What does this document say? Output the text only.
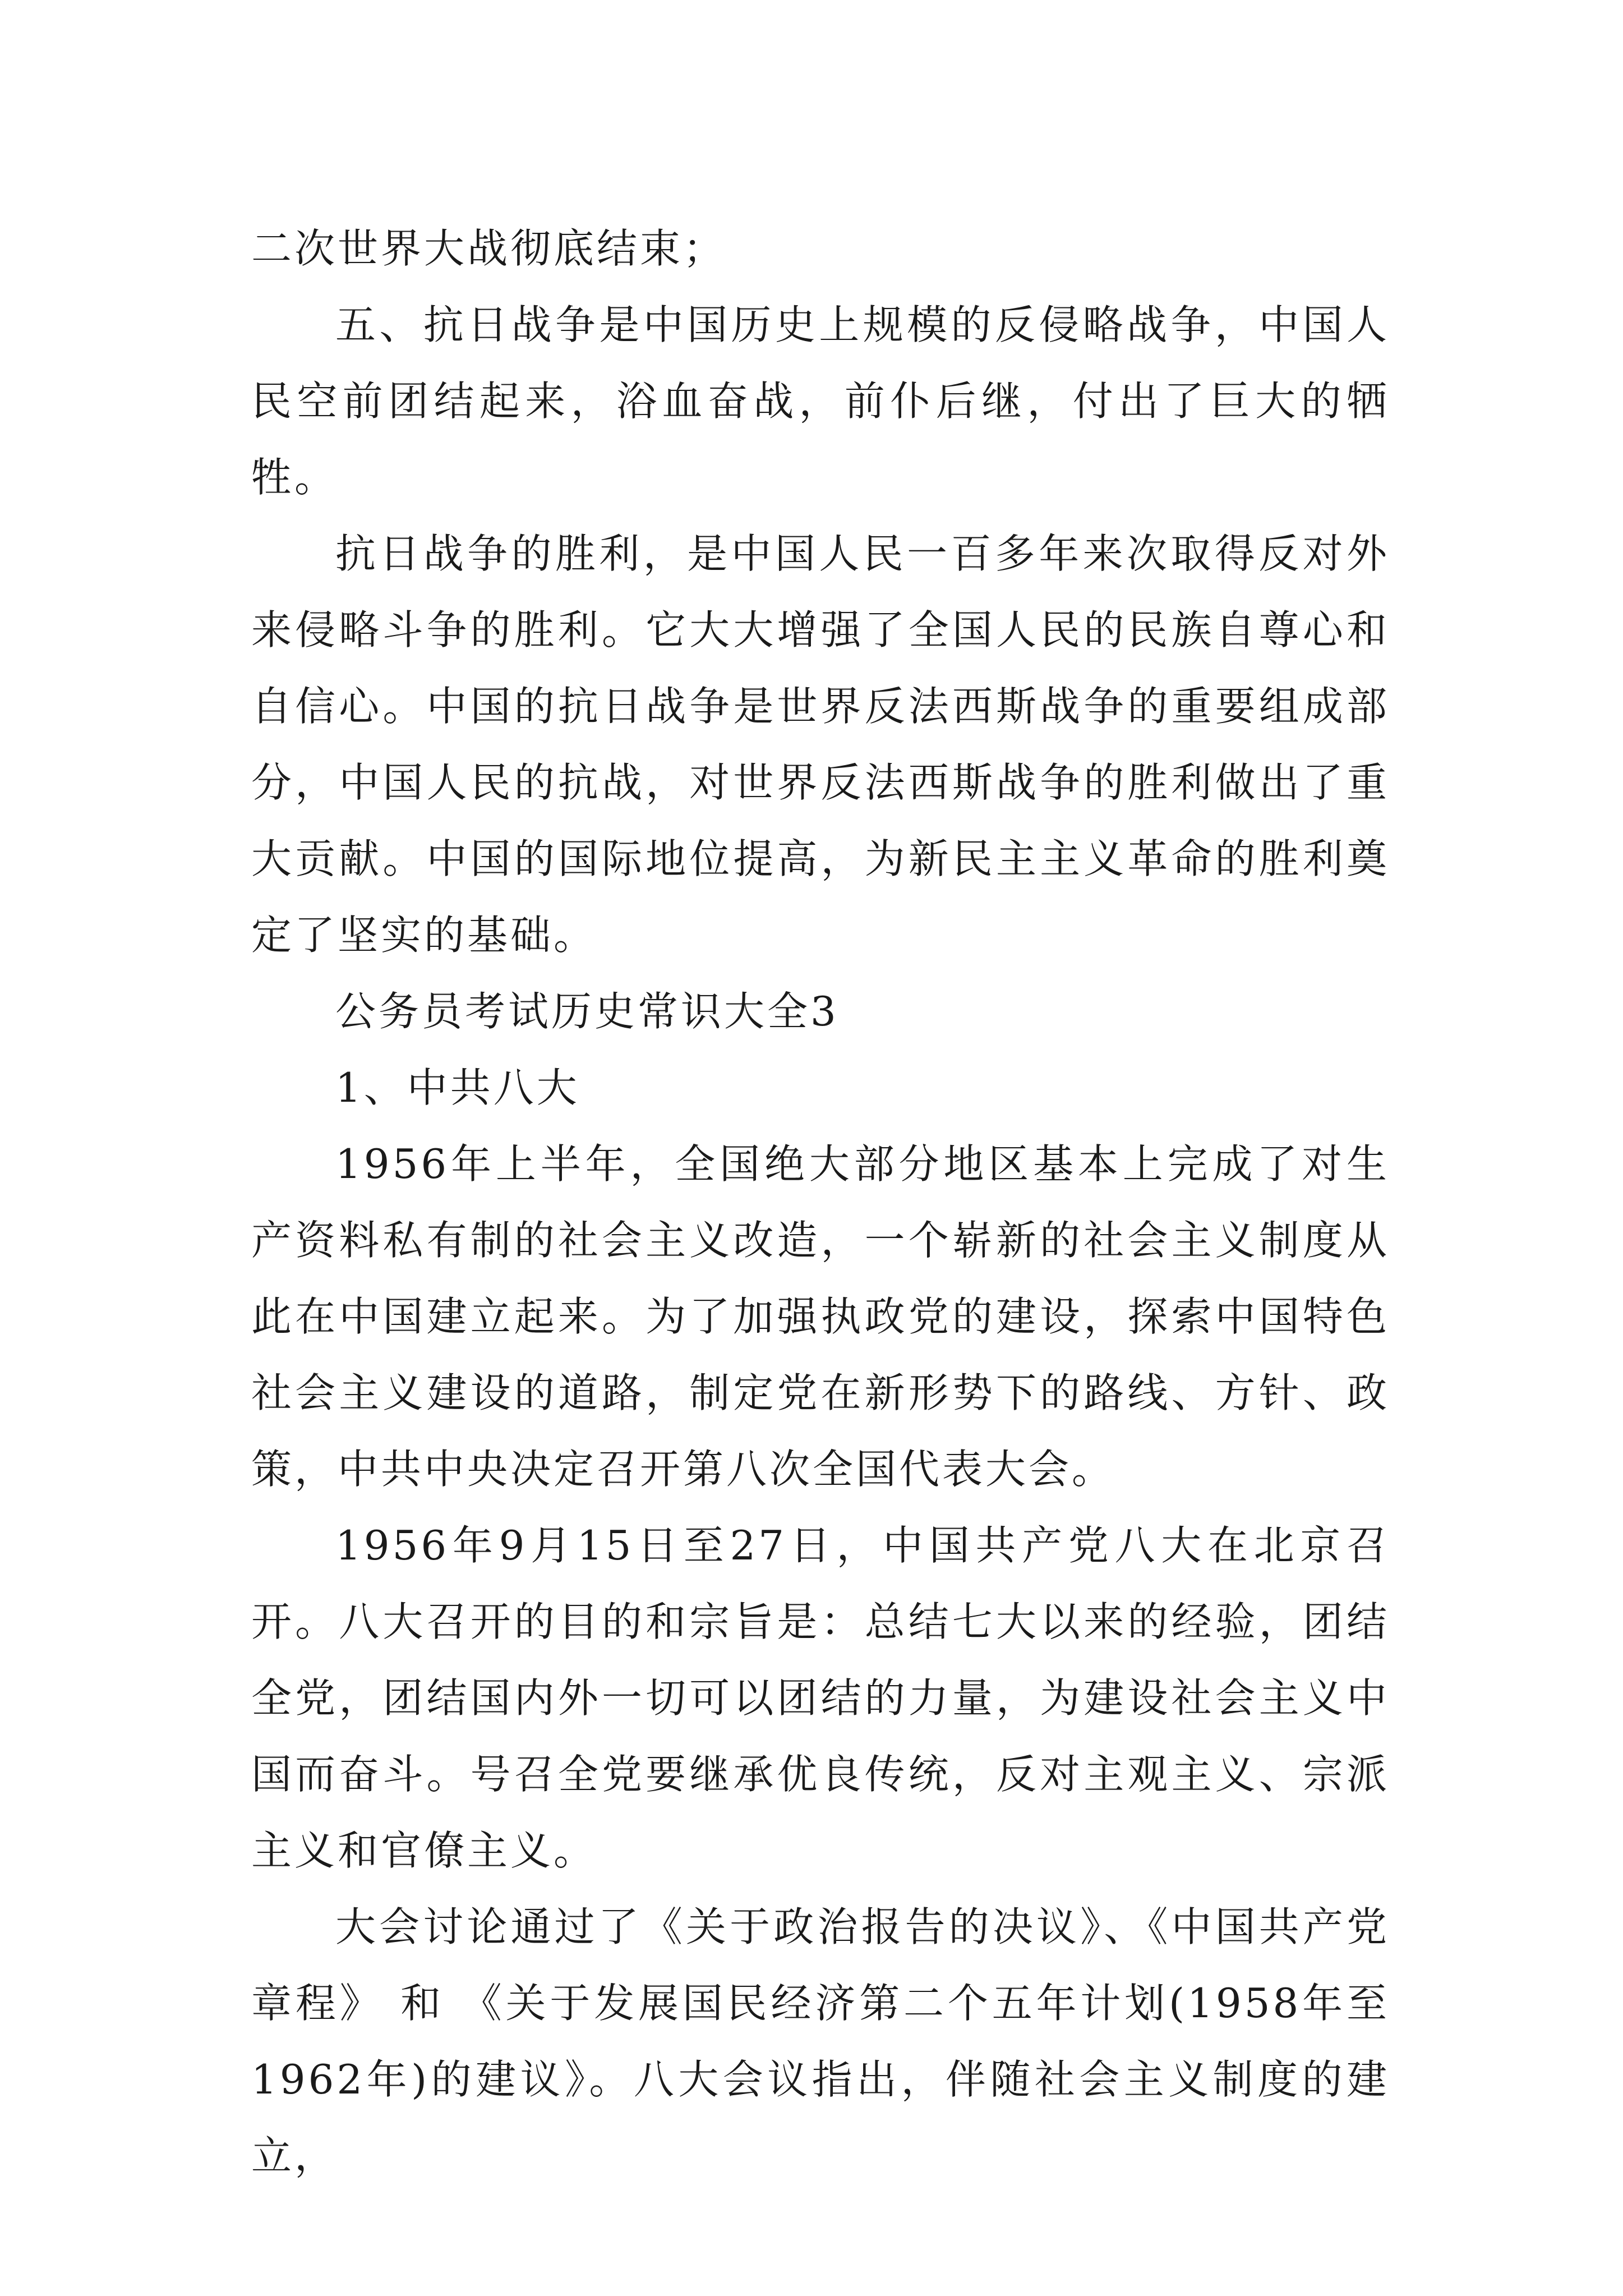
二次世界大战彻底结束；

五、抗日战争是中国历史上规模的反侵略战争，中国人民空前团结起来，浴血奋战，前仆后继，付出了巨大的牺牲。

抗日战争的胜利，是中国人民一百多年来次取得反对外来侵略斗争的胜利。它大大增强了全国人民的民族自尊心和自信心。中国的抗日战争是世界反法西斯战争的重要组成部分，中国人民的抗战，对世界反法西斯战争的胜利做出了重大贡献。中国的国际地位提高，为新民主主义革命的胜利奠定了坚实的基础。

公务员考试历史常识大全3

1、中共八大

1956年上半年，全国绝大部分地区基本上完成了对生产资料私有制的社会主义改造，一个崭新的社会主义制度从此在中国建立起来。为了加强执政党的建设，探索中国特色社会主义建设的道路，制定党在新形势下的路线、方针、政策，中共中央决定召开第八次全国代表大会。

1956年9月15日至27日，中国共产党八大在北京召开。八大召开的目的和宗旨是：总结七大以来的经验，团结全党，团结国内外一切可以团结的力量，为建设社会主义中国而奋斗。号召全党要继承优良传统，反对主观主义、宗派主义和官僚主义。

大会讨论通过了《关于政治报告的决议》、《中国共产党章程》 和 《关于发展国民经济第二个五年计划(1958年至1962年)的建议》。八大会议指出，伴随社会主义制度的建立，
